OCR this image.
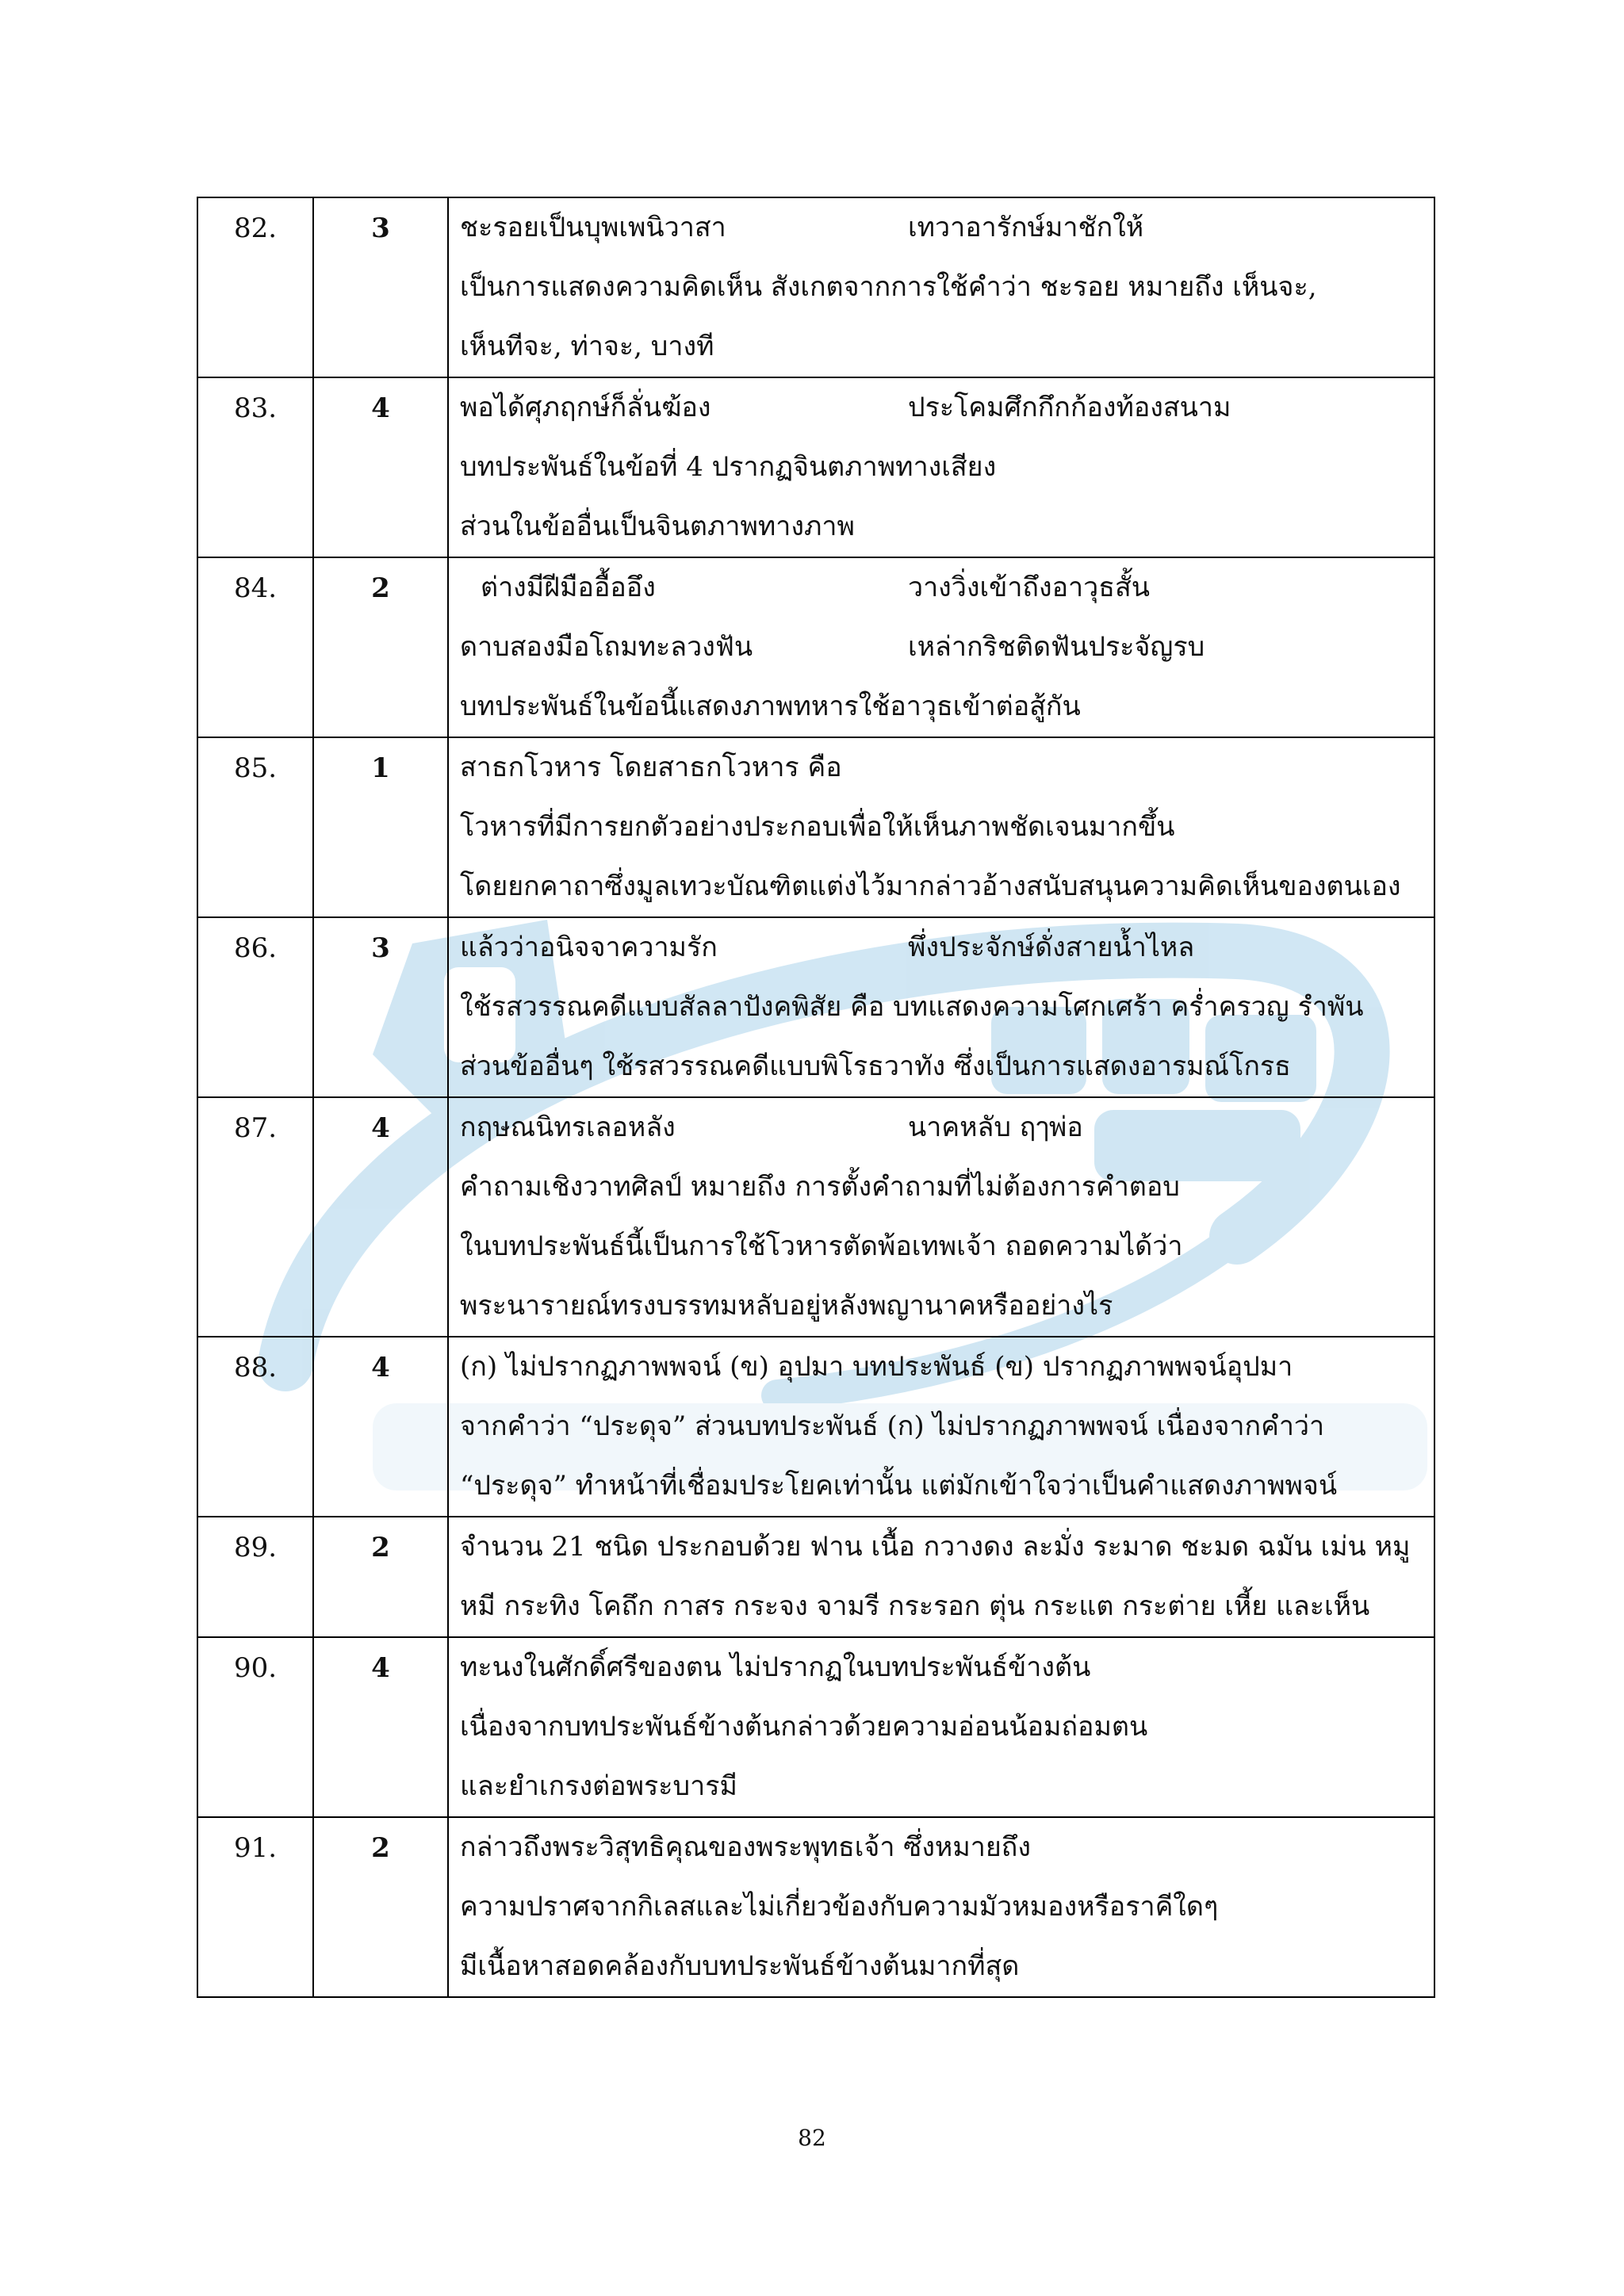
82.	3	ชะรอยเป็นบุพเพนิวาสา เทวาอารักษ์มาชักให้
เป็นการแสดงความคิดเห็น สังเกตจากการใช้คำว่า ชะรอย หมายถึง เห็นจะ,
เห็นทีจะ, ท่าจะ, บางที

83.	4	พอได้ศุภฤกษ์ก็ลั่นฆ้อง ประโคมศึกกึกก้องท้องสนาม
บทประพันธ์ในข้อที่ 4 ปรากฏจินตภาพทางเสียง
ส่วนในข้ออื่นเป็นจินตภาพทางภาพ

84.	2	ต่างมีฝีมืออื้ออึง วางวิ่งเข้าถึงอาวุธสั้น
ดาบสองมือโถมทะลวงฟัน เหล่ากริชติดฟันประจัญรบ
บทประพันธ์ในข้อนี้แสดงภาพทหารใช้อาวุธเข้าต่อสู้กัน

85.	1	สาธกโวหาร โดยสาธกโวหาร คือ
โวหารที่มีการยกตัวอย่างประกอบเพื่อให้เห็นภาพชัดเจนมากขึ้น
โดยยกคาถาซึ่งมูลเทวะบัณฑิตแต่งไว้มากล่าวอ้างสนับสนุนความคิดเห็นของตนเอง

86.	3	แล้วว่าอนิจจาความรัก พึ่งประจักษ์ดั่งสายน้ำไหล
ใช้รสวรรณคดีแบบสัลลาปังคพิสัย คือ บทแสดงความโศกเศร้า คร่ำครวญ รำพัน
ส่วนข้ออื่นๆ ใช้รสวรรณคดีแบบพิโรธวาทัง ซึ่งเป็นการแสดงอารมณ์โกรธ

87.	4	กฤษณนิทรเลอหลัง นาคหลับ ฤๅพ่อ
คำถามเชิงวาทศิลป์ หมายถึง การตั้งคำถามที่ไม่ต้องการคำตอบ
ในบทประพันธ์นี้เป็นการใช้โวหารตัดพ้อเทพเจ้า ถอดความได้ว่า
พระนารายณ์ทรงบรรทมหลับอยู่หลังพญานาคหรืออย่างไร

88.	4	(ก) ไม่ปรากฏภาพพจน์ (ข) อุปมา บทประพันธ์ (ข) ปรากฏภาพพจน์อุปมา
จากคำว่า “ประดุจ” ส่วนบทประพันธ์ (ก) ไม่ปรากฏภาพพจน์ เนื่องจากคำว่า
“ประดุจ” ทำหน้าที่เชื่อมประโยคเท่านั้น แต่มักเข้าใจว่าเป็นคำแสดงภาพพจน์

89.	2	จำนวน 21 ชนิด ประกอบด้วย ฟาน เนื้อ กวางดง ละมั่ง ระมาด ชะมด ฉมัน เม่น หมู
หมี กระทิง โคถึก กาสร กระจง จามรี กระรอก ตุ่น กระแต กระต่าย เหี้ย และเห็น

90.	4	ทะนงในศักดิ์ศรีของตน ไม่ปรากฏในบทประพันธ์ข้างต้น
เนื่องจากบทประพันธ์ข้างต้นกล่าวด้วยความอ่อนน้อมถ่อมตน
และยำเกรงต่อพระบารมี

91.	2	กล่าวถึงพระวิสุทธิคุณของพระพุทธเจ้า ซึ่งหมายถึง
ความปราศจากกิเลสและไม่เกี่ยวข้องกับความมัวหมองหรือราคีใดๆ
มีเนื้อหาสอดคล้องกับบทประพันธ์ข้างต้นมากที่สุด
82
